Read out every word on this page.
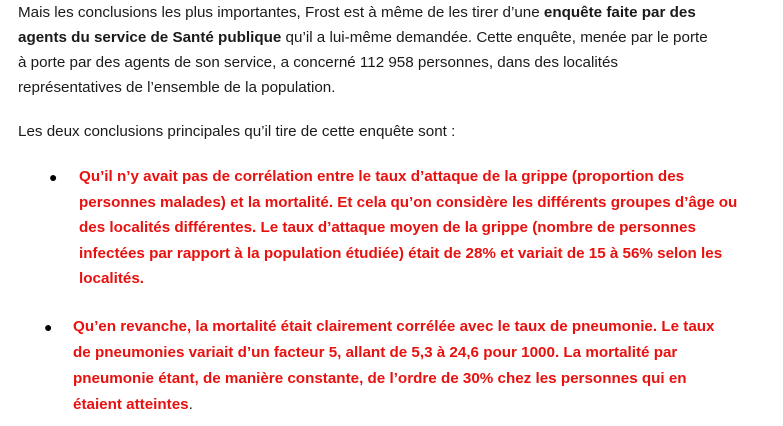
Mais les conclusions les plus importantes, Frost est à même de les tirer d’une enquête faite par des
agents du service de Santé publique qu’il a lui-même demandée. Cette enquête, menée par le porte
à porte par des agents de son service, a concerné 112 958 personnes, dans des localités
représentatives de l’ensemble de la population.

Les deux conclusions principales qu’il tire de cette enquête sont :

● Qu’il n’y avait pas de corrélation entre le taux d’attaque de la grippe (proportion des
personnes malades) et la mortalité. Et cela qu’on considère les différents groupes d’âge ou
des localités différentes. Le taux d’attaque moyen de la grippe (nombre de personnes
infectées par rapport à la population étudiée) était de 28% et variait de 15 à 56% selon les
localités.
● Qu’en revanche, la mortalité était clairement corrélée avec le taux de pneumonie. Le taux
de pneumonies variait d’un facteur 5, allant de 5,3 à 24,6 pour 1000. La mortalité par
pneumonie étant, de manière constante, de l’ordre de 30% chez les personnes qui en
étaient atteintes.
